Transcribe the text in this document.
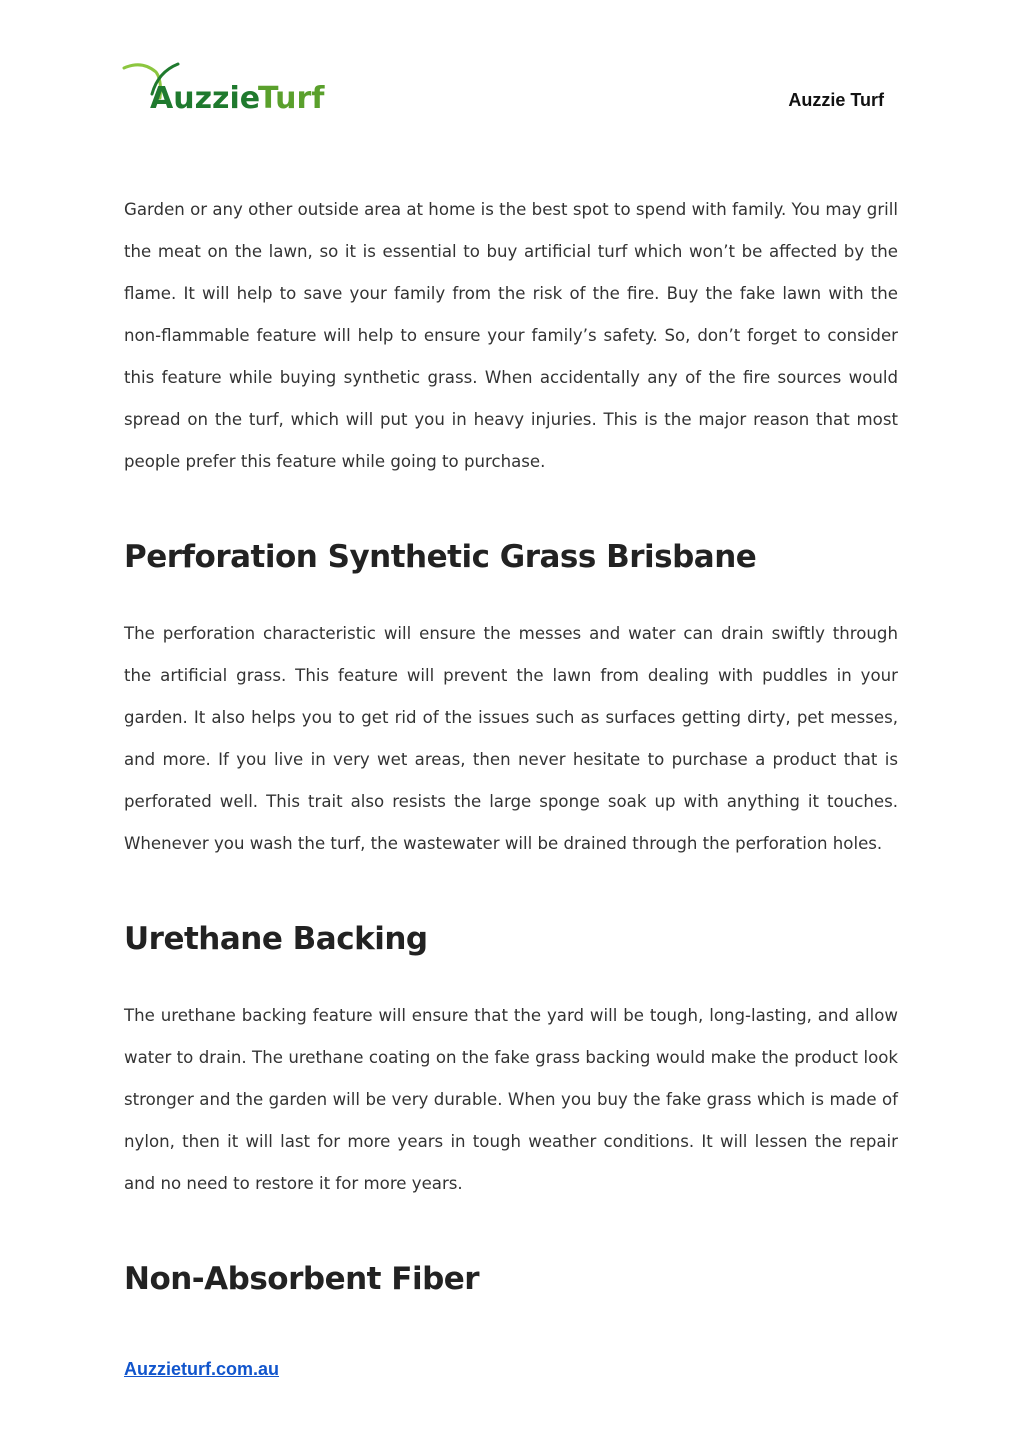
Auzzie
Turf	Auzzie Turf

Garden or any other outside area at home is the best spot to spend with family. You may grill the meat on the lawn, so it is essential to buy artificial turf which won’t be affected by the flame. It will help to save your family from the risk of the fire. Buy the fake lawn with the non-flammable feature will help to ensure your family’s safety. So, don’t forget to consider this feature while buying synthetic grass. When accidentally any of the fire sources would spread on the turf, which will put you in heavy injuries. This is the major reason that most people prefer this feature while going to purchase.

Perforation Synthetic Grass Brisbane

The perforation characteristic will ensure the messes and water can drain swiftly through the artificial grass. This feature will prevent the lawn from dealing with puddles in your garden. It also helps you to get rid of the issues such as surfaces getting dirty, pet messes, and more. If you live in very wet areas, then never hesitate to purchase a product that is perforated well. This trait also resists the large sponge soak up with anything it touches. Whenever you wash the turf, the wastewater will be drained through the perforation holes.

Urethane Backing

The urethane backing feature will ensure that the yard will be tough, long-lasting, and allow water to drain. The urethane coating on the fake grass backing would make the product look stronger and the garden will be very durable. When you buy the fake grass which is made of nylon, then it will last for more years in tough weather conditions. It will lessen the repair and no need to restore it for more years.

Non-Absorbent Fiber
Auzzieturf.com.au
